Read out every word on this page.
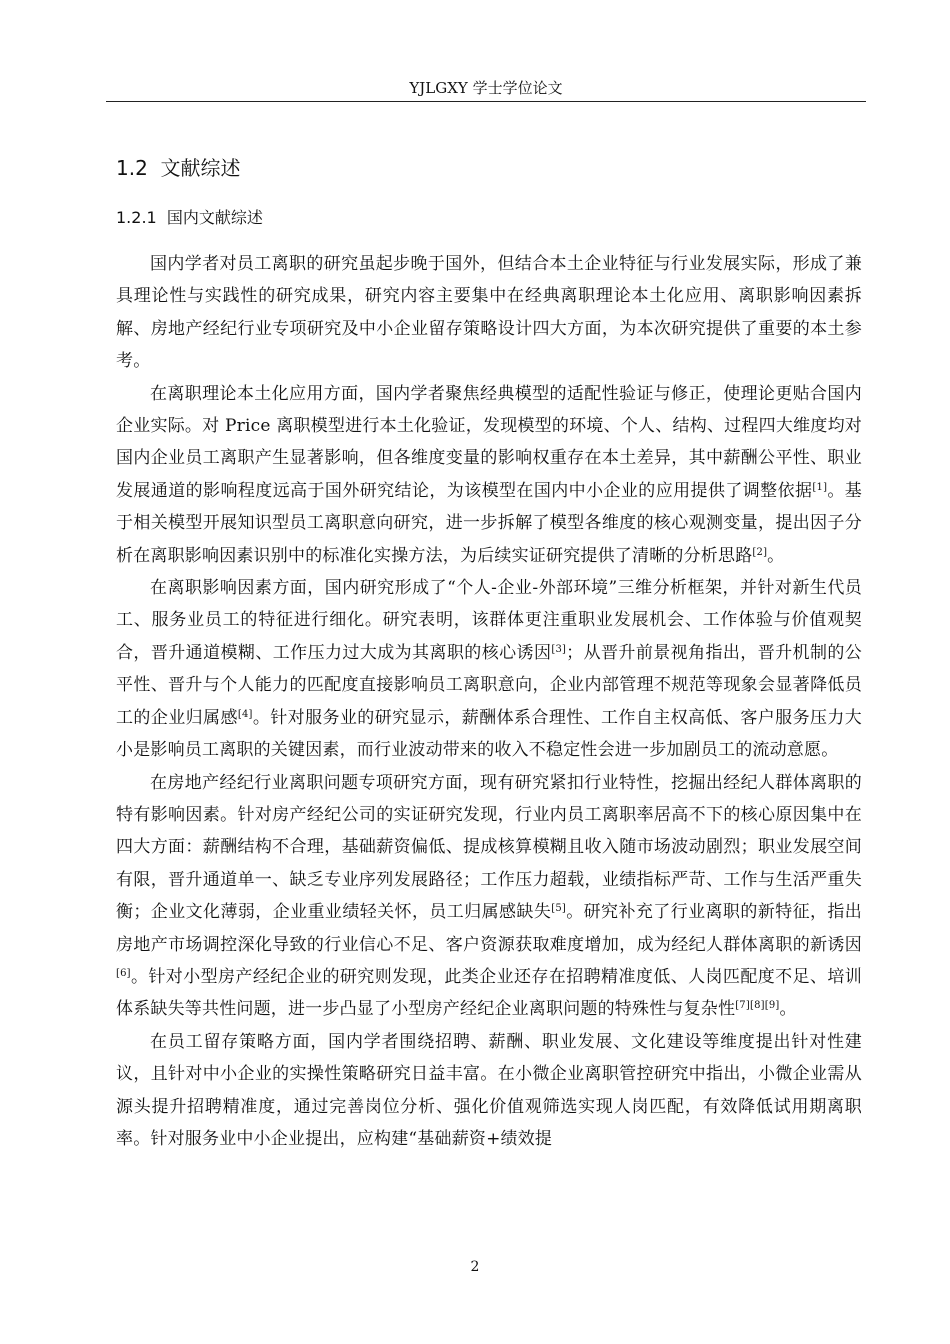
YJLGXY 学士学位论文
1.2 文献综述
1.2.1 国内文献综述

国内学者对员工离职的研究虽起步晚于国外，但结合本土企业特征与行业发展实际，形成了兼具理论性与实践性的研究成果，研究内容主要集中在经典离职理论本土化应用、离职影响因素拆解、房地产经纪行业专项研究及中小企业留存策略设计四大方面，为本次研究提供了重要的本土参考。

在离职理论本土化应用方面，国内学者聚焦经典模型的适配性验证与修正，使理论更贴合国内企业实际。对 Price 离职模型进行本土化验证，发现模型的环境、个人、结构、过程四大维度均对国内企业员工离职产生显著影响，但各维度变量的影响权重存在本土差异，其中薪酬公平性、职业发展通道的影响程度远高于国外研究结论，为该模型在国内中小企业的应用提供了调整依据[1]。基于相关模型开展知识型员工离职意向研究，进一步拆解了模型各维度的核心观测变量，提出因子分析在离职影响因素识别中的标准化实操方法，为后续实证研究提供了清晰的分析思路[2]。

在离职影响因素方面，国内研究形成了“个人-企业-外部环境”三维分析框架，并针对新生代员工、服务业员工的特征进行细化。研究表明，该群体更注重职业发展机会、工作体验与价值观契合，晋升通道模糊、工作压力过大成为其离职的核心诱因[3]；从晋升前景视角指出，晋升机制的公平性、晋升与个人能力的匹配度直接影响员工离职意向，企业内部管理不规范等现象会显著降低员工的企业归属感[4]。针对服务业的研究显示，薪酬体系合理性、工作自主权高低、客户服务压力大小是影响员工离职的关键因素，而行业波动带来的收入不稳定性会进一步加剧员工的流动意愿。

在房地产经纪行业离职问题专项研究方面，现有研究紧扣行业特性，挖掘出经纪人群体离职的特有影响因素。针对房产经纪公司的实证研究发现，行业内员工离职率居高不下的核心原因集中在四大方面：薪酬结构不合理，基础薪资偏低、提成核算模糊且收入随市场波动剧烈；职业发展空间有限，晋升通道单一、缺乏专业序列发展路径；工作压力超载，业绩指标严苛、工作与生活严重失衡；企业文化薄弱，企业重业绩轻关怀，员工归属感缺失[5]。研究补充了行业离职的新特征，指出房地产市场调控深化导致的行业信心不足、客户资源获取难度增加，成为经纪人群体离职的新诱因[6]。针对小型房产经纪企业的研究则发现，此类企业还存在招聘精准度低、人岗匹配度不足、培训体系缺失等共性问题，进一步凸显了小型房产经纪企业离职问题的特殊性与复杂性[7][8][9]。

在员工留存策略方面，国内学者围绕招聘、薪酬、职业发展、文化建设等维度提出针对性建议，且针对中小企业的实操性策略研究日益丰富。在小微企业离职管控研究中指出，小微企业需从源头提升招聘精准度，通过完善岗位分析、强化价值观筛选实现人岗匹配，有效降低试用期离职率。针对服务业中小企业提出，应构建“基础薪资+绩效提

2
